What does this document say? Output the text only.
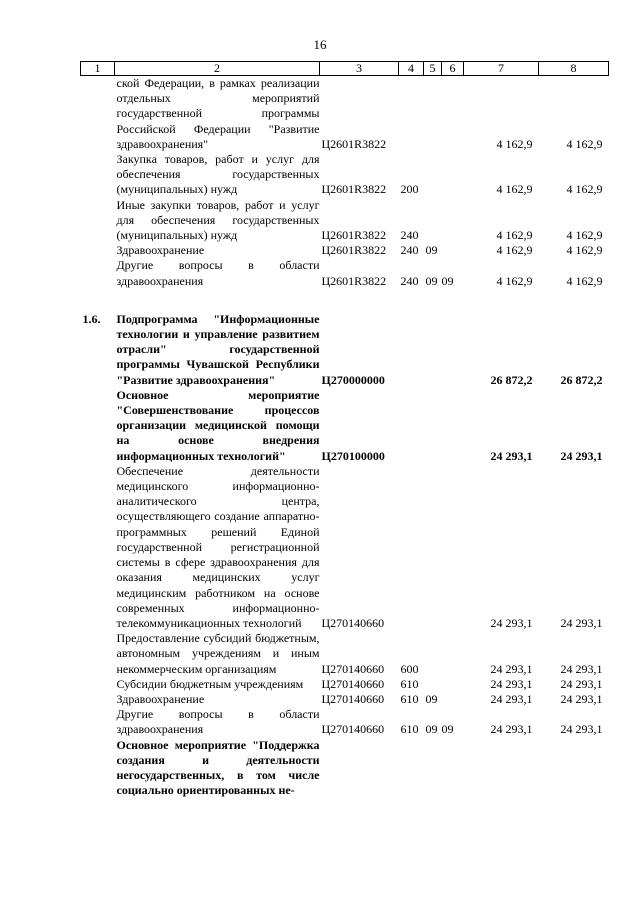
16
1	2	3	4	5	6	7	8
	ской Федерации, в рамках реализации отдельных мероприятий государственной программы Российской Федерации "Развитие здравоохранения"	Ц2601R3822				4 162,9	4 162,9
	Закупка товаров, работ и услуг для обеспечения государственных (муниципальных) нужд	Ц2601R3822	200			4 162,9	4 162,9
	Иные закупки товаров, работ и услуг для обеспечения государственных (муниципальных) нужд	Ц2601R3822	240			4 162,9	4 162,9
	Здравоохранение	Ц2601R3822	240	09		4 162,9	4 162,9
	Другие вопросы в области здравоохранения	Ц2601R3822	240	09	09	4 162,9	4 162,9

1.6.	Подпрограмма "Информационные технологии и управление развитием отрасли" государственной программы Чувашской Республики "Развитие здравоохранения"	Ц270000000				26 872,2	26 872,2
	Основное мероприятие "Совершенствование процессов организации медицинской помощи на основе внедрения информационных технологий"	Ц270100000				24 293,1	24 293,1
	Обеспечение деятельности медицинского информационно-аналитического центра, осуществляющего создание аппаратно-программных решений Единой государственной регистрационной системы в сфере здравоохранения для оказания медицинских услуг медицинским работником на основе современных информационно-телекоммуникационных технологий	Ц270140660				24 293,1	24 293,1
	Предоставление субсидий бюджетным, автономным учреждениям и иным некоммерческим организациям	Ц270140660	600			24 293,1	24 293,1
	Субсидии бюджетным учреждениям	Ц270140660	610			24 293,1	24 293,1
	Здравоохранение	Ц270140660	610	09		24 293,1	24 293,1
	Другие вопросы в области здравоохранения	Ц270140660	610	09	09	24 293,1	24 293,1
	Основное мероприятие "Поддержка создания и деятельности негосударственных, в том числе социально ориентированных не-						
